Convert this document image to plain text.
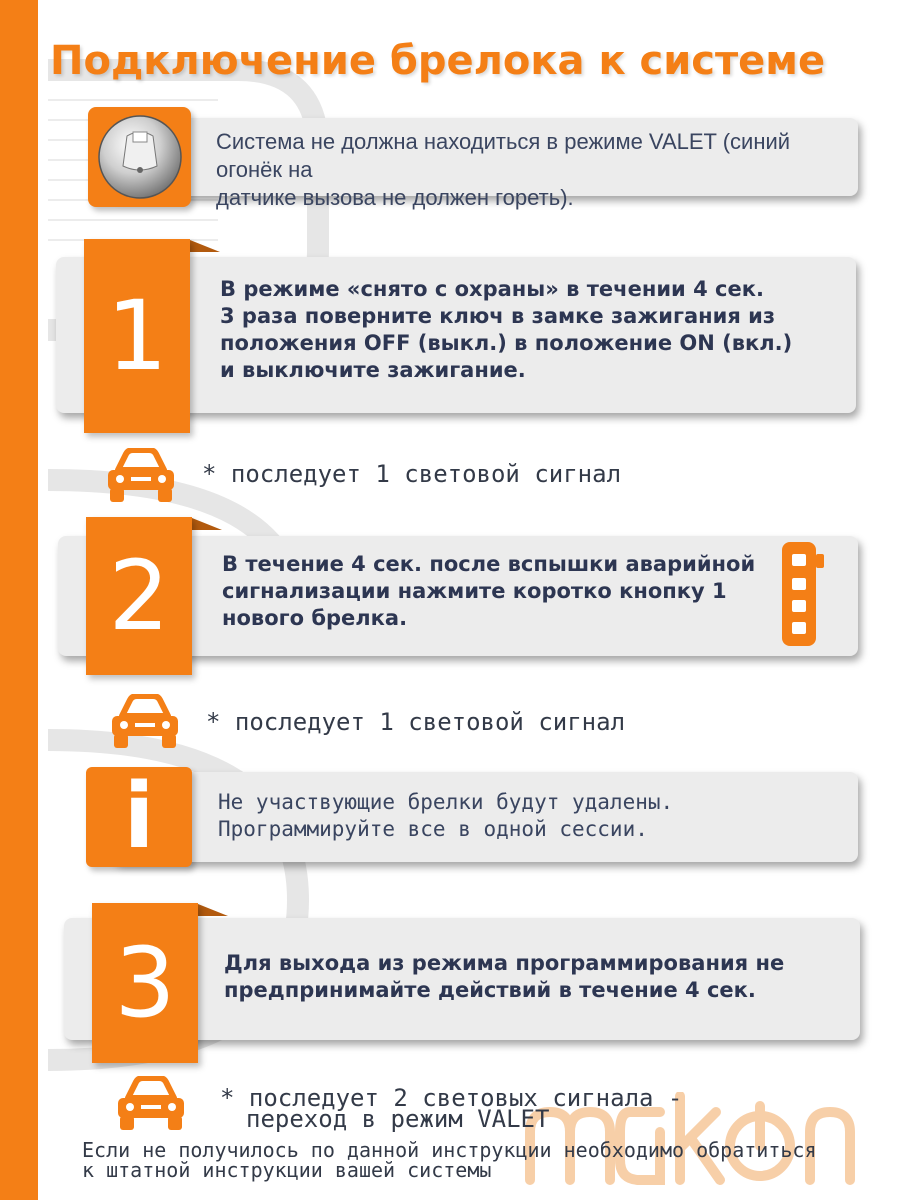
Подключение брелока к системе
Система не должна находиться в режиме VALET (синий огонёк на
датчике вызова не должен гореть).
1 В режиме «снято с охраны» в течении 4 сек.
3 раза поверните ключ в замке зажигания из
положения OFF (выкл.) в положение ON (вкл.)
и выключите зажигание.
* последует 1 световой сигнал
2 В течение 4 сек. после вспышки аварийной
сигнализации нажмите коротко кнопку 1
нового брелка.
* последует 1 световой сигнал
i	Не участвующие брелки будут удалены.
Программируйте все в одной сессии.
3 Для выхода из режима программирования не
предпринимайте действий в течение 4 сек.
* последует 2 световых сигнала -
переход в режим VALET
Если не получилось по данной инструкции необходимо обратиться
к штатной инструкции вашей системы
